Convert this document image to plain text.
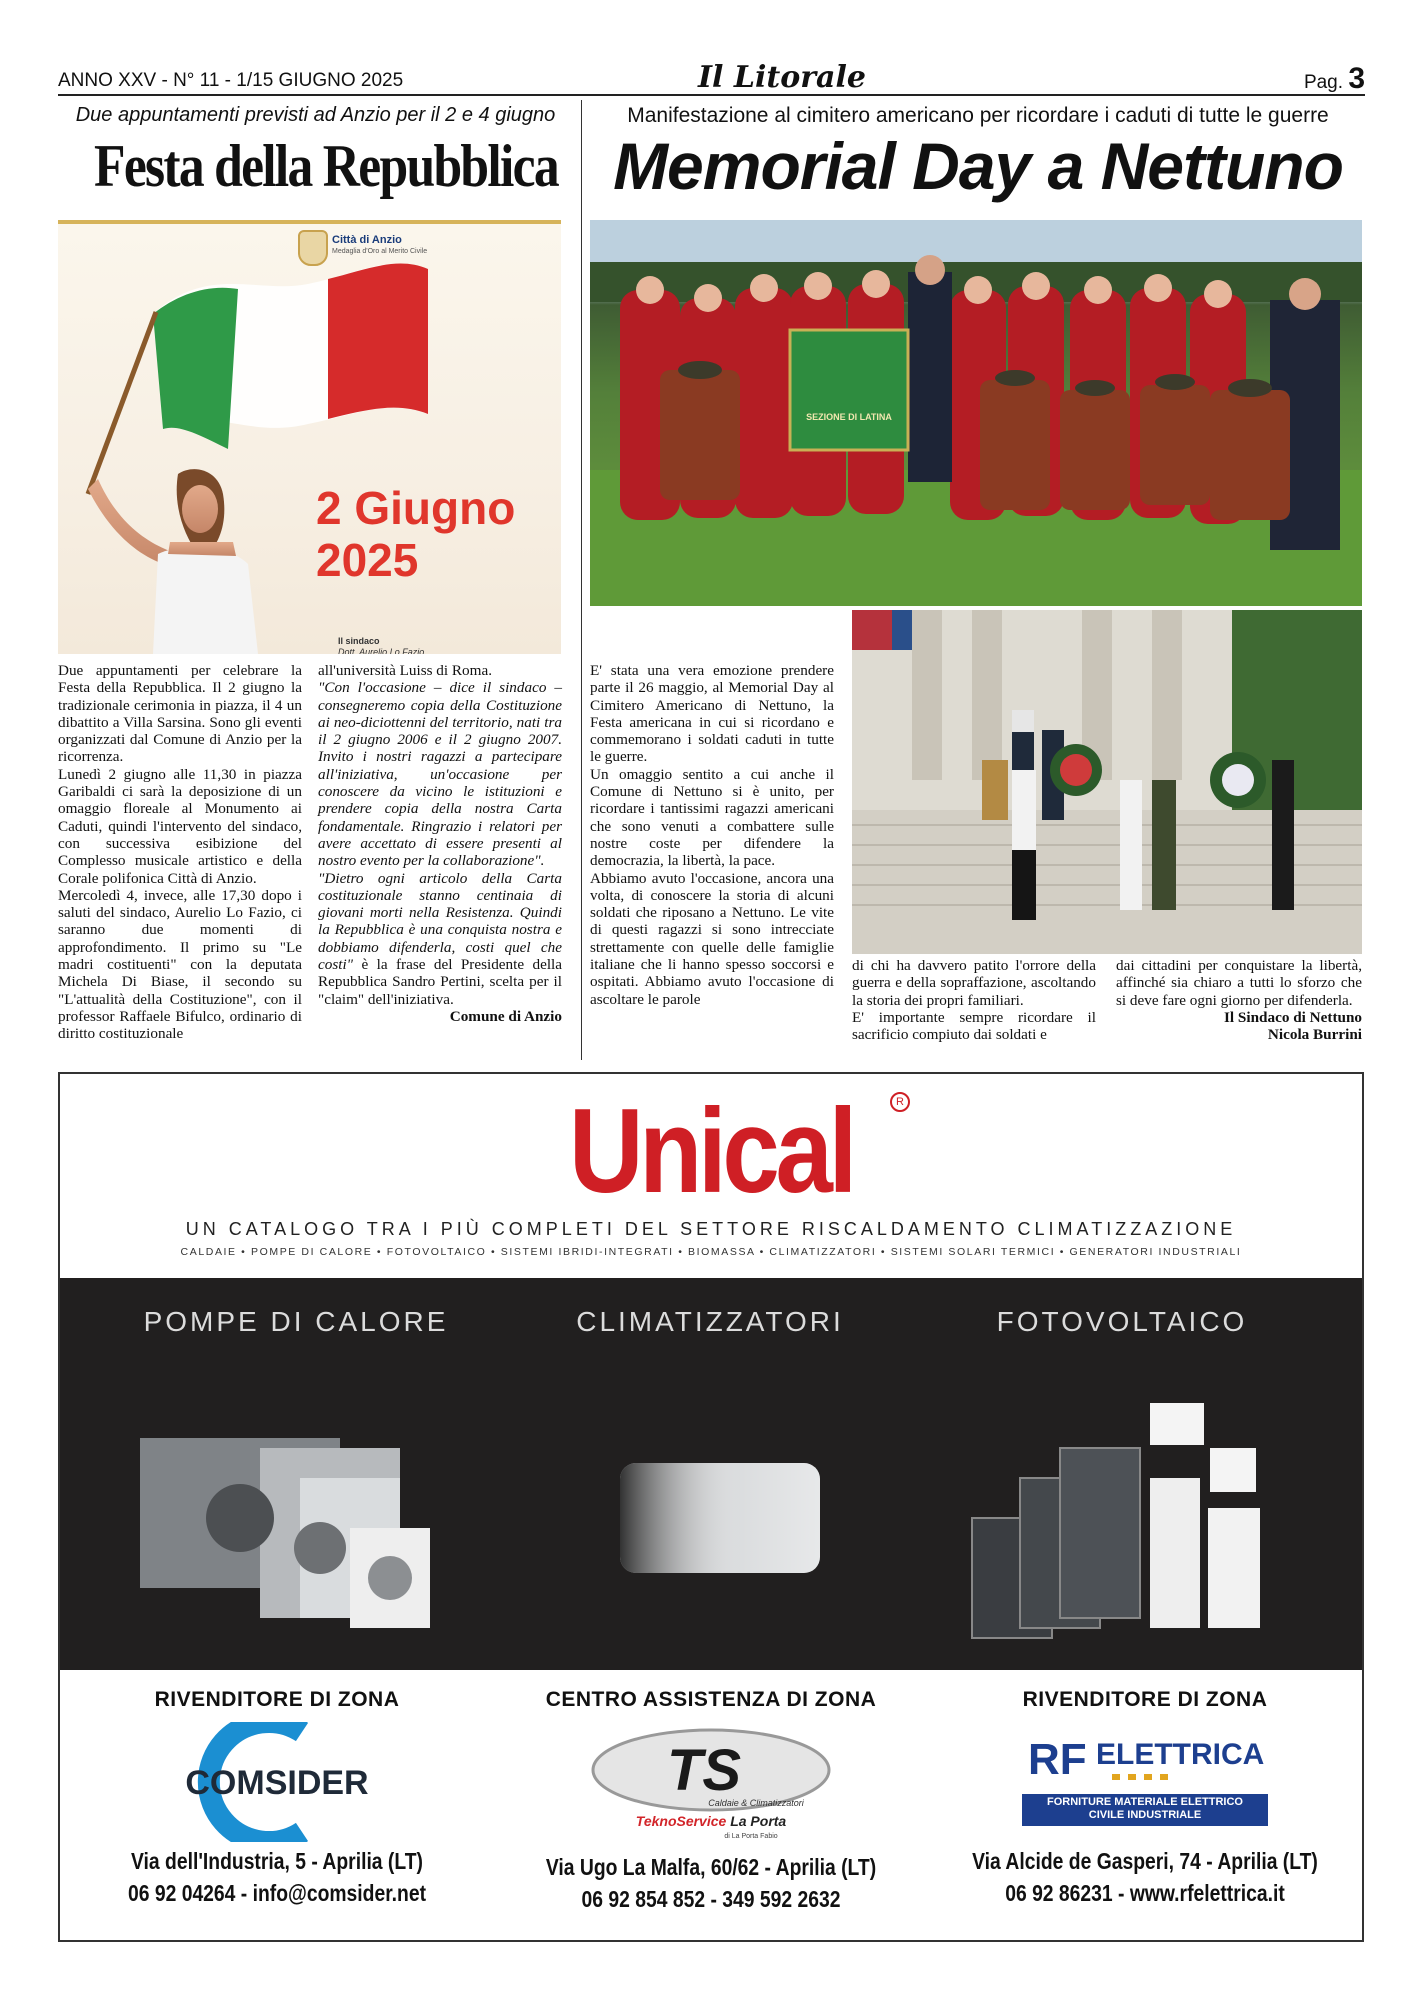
ANNO XXV - N° 11 - 1/15 GIUGNO 2025	Il Litorale	Pag. 3
Due appuntamenti previsti ad Anzio per il 2 e 4 giugno
Festa della Repubblica
Città di Anzio
Medaglia d'Oro al Merito Civile
2 Giugno
2025
Il sindaco
Dott. Aurelio Lo Fazio

Due appuntamenti per celebrare la Festa della Repubblica. Il 2 giugno la tradizionale cerimonia in piazza, il 4 un dibattito a Villa Sarsina. Sono gli eventi organizzati dal Comune di Anzio per la ricorrenza.

Lunedì 2 giugno alle 11,30 in piazza Garibaldi ci sarà la deposizione di un omaggio floreale al Monumento ai Caduti, quindi l'intervento del sindaco, con successiva esibizione del Complesso musicale artistico e della Corale polifonica Città di Anzio.

Mercoledì 4, invece, alle 17,30 dopo i saluti del sindaco, Aurelio Lo Fazio, ci saranno due momenti di approfondimento. Il primo su "Le madri costituenti" con la deputata Michela Di Biase, il secondo su "L'attualità della Costituzione", con il professor Raffaele Bifulco, ordinario di diritto costituzionale

all'università Luiss di Roma.

"Con l'occasione – dice il sindaco – consegneremo copia della Costituzione ai neo-diciottenni del territorio, nati tra il 2 giugno 2006 e il 2 giugno 2007. Invito i nostri ragazzi a partecipare all'iniziativa, un'occasione per conoscere da vicino le istituzioni e prendere copia della nostra Carta fondamentale. Ringrazio i relatori per avere accettato di essere presenti al nostro evento per la collaborazione".

"Dietro ogni articolo della Carta costituzionale stanno centinaia di giovani morti nella Resistenza. Quindi la Repubblica è una conquista nostra e dobbiamo difenderla, costi quel che costi" è la frase del Presidente della Repubblica Sandro Pertini, scelta per il "claim" dell'iniziativa.

Comune di Anzio

Manifestazione al cimitero americano per ricordare i caduti di tutte le guerre
Memorial Day a Nettuno
SEZIONE DI LATINA

E' stata una vera emozione prendere parte il 26 maggio, al Memorial Day al Cimitero Americano di Nettuno, la Festa americana in cui si ricordano e commemorano i soldati caduti in tutte le guerre.

Un omaggio sentito a cui anche il Comune di Nettuno si è unito, per ricordare i tantissimi ragazzi americani che sono venuti a combattere sulle nostre coste per difendere la democrazia, la libertà, la pace.

Abbiamo avuto l'occasione, ancora una volta, di conoscere la storia di alcuni soldati che riposano a Nettuno. Le vite di questi ragazzi si sono intrecciate strettamente con quelle delle famiglie italiane che li hanno spesso soccorsi e ospitati. Abbiamo avuto l'occasione di ascoltare le parole

di chi ha davvero patito l'orrore della guerra e della sopraffazione, ascoltando la storia dei propri familiari.

E' importante sempre ricordare il sacrificio compiuto dai soldati e

dai cittadini per conquistare la libertà, affinché sia chiaro a tutti lo sforzo che si deve fare ogni giorno per difenderla.

Il Sindaco di Nettuno

Nicola Burrini

Unical	R
UN CATALOGO TRA I PIÙ COMPLETI DEL SETTORE RISCALDAMENTO CLIMATIZZAZIONE
CALDAIE • POMPE DI CALORE • FOTOVOLTAICO • SISTEMI IBRIDI-INTEGRATI • BIOMASSA • CLIMATIZZATORI • SISTEMI SOLARI TERMICI • GENERATORI INDUSTRIALI
POMPE DI CALORE	CLIMATIZZATORI	FOTOVOLTAICO
RIVENDITORE DI ZONA
COMSIDER
Via dell'Industria, 5 - Aprilia (LT)
06 92 04264 - info@comsider.net
CENTRO ASSISTENZA DI ZONA
TS
Caldaie & Climatizzatori
TeknoService La Porta
di La Porta Fabio
Via Ugo La Malfa, 60/62 - Aprilia (LT)
06 92 854 852 - 349 592 2632
RIVENDITORE DI ZONA
RF ELETTRICA
FORNITURE MATERIALE ELETTRICO
CIVILE INDUSTRIALE
Via Alcide de Gasperi, 74 - Aprilia (LT)
06 92 86231 - www.rfelettrica.it
